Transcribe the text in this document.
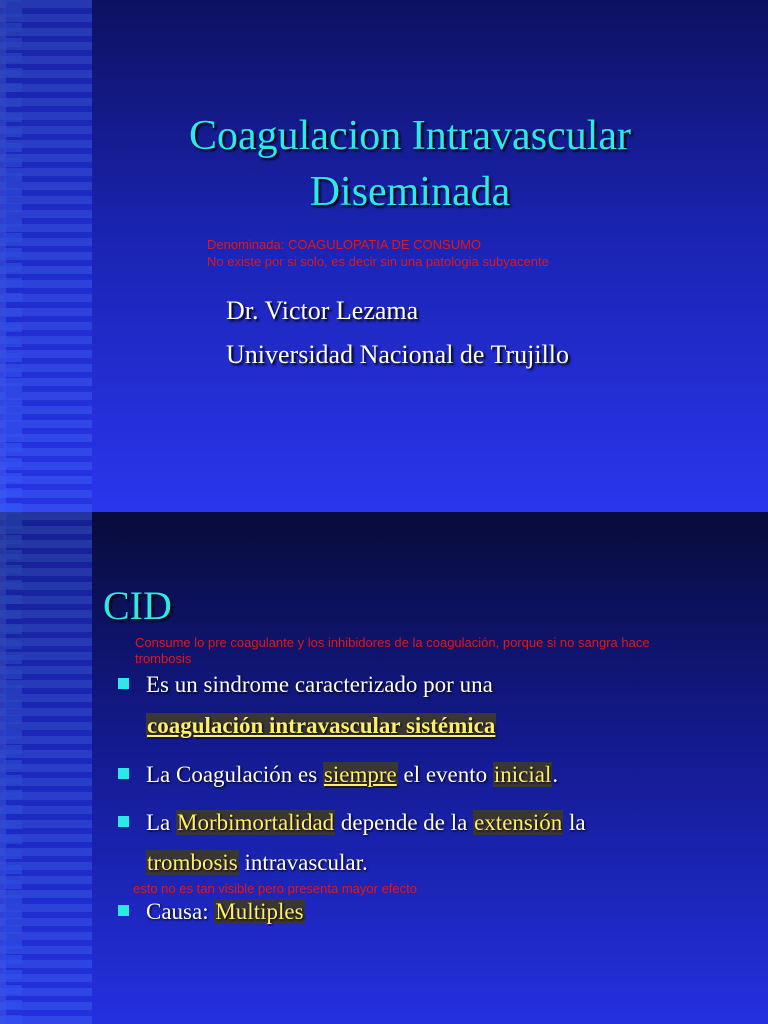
Coagulacion Intravascular
Diseminada
Denominada: COAGULOPATIA DE CONSUMO
No existe por si solo, es decir sin una patologia subyacente
Dr. Victor Lezama
Universidad Nacional de Trujillo
CID
Consume lo pre coagulante y los inhibidores de la coagulación, porque si no sangra hace trombosis
Es un sindrome caracterizado por una
coagulación intravascular sistémica
La Coagulación es siempre el evento inicial.
La Morbimortalidad depende de la extensión la
trombosis intravascular.
esto no es tan visible pero presenta mayor efecto
Causa: Multiples
